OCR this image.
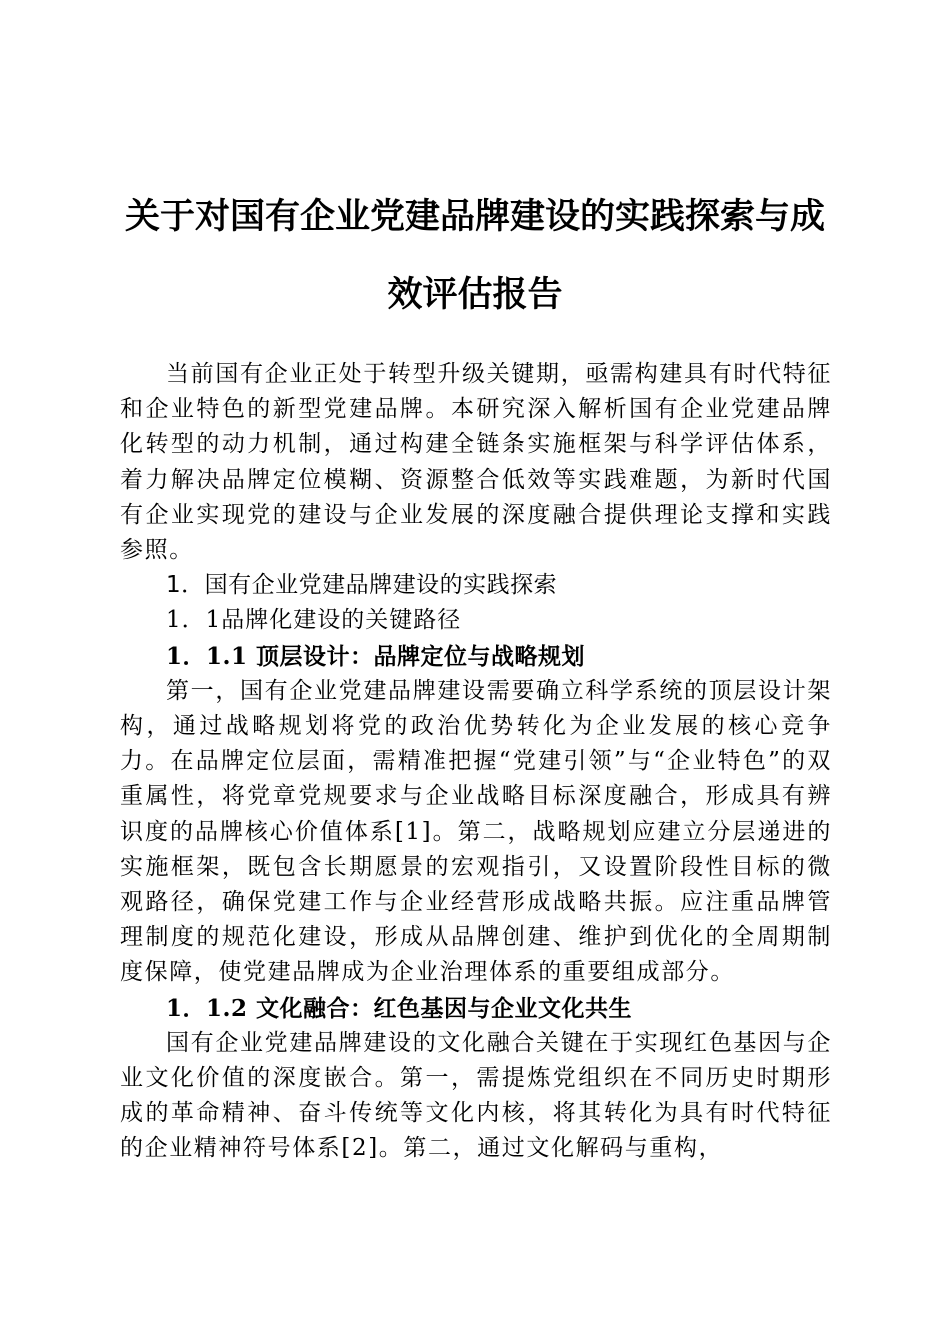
关于对国有企业党建品牌建设的实践探索与成效评估报告

当前国有企业正处于转型升级关键期，亟需构建具有时代特征和企业特色的新型党建品牌。本研究深入解析国有企业党建品牌化转型的动力机制，通过构建全链条实施框架与科学评估体系，着力解决品牌定位模糊、资源整合低效等实践难题，为新时代国有企业实现党的建设与企业发展的深度融合提供理论支撑和实践参照。

1．国有企业党建品牌建设的实践探索

1．1品牌化建设的关键路径

1．1.1 顶层设计：品牌定位与战略规划

第一，国有企业党建品牌建设需要确立科学系统的顶层设计架构，通过战略规划将党的政治优势转化为企业发展的核心竞争力。在品牌定位层面，需精准把握“党建引领”与“企业特色”的双重属性，将党章党规要求与企业战略目标深度融合，形成具有辨识度的品牌核心价值体系[1]。第二，战略规划应建立分层递进的实施框架，既包含长期愿景的宏观指引，又设置阶段性目标的微观路径，确保党建工作与企业经营形成战略共振。应注重品牌管理制度的规范化建设，形成从品牌创建、维护到优化的全周期制度保障，使党建品牌成为企业治理体系的重要组成部分。

1．1.2 文化融合：红色基因与企业文化共生

国有企业党建品牌建设的文化融合关键在于实现红色基因与企业文化价值的深度嵌合。第一，需提炼党组织在不同历史时期形成的革命精神、奋斗传统等文化内核，将其转化为具有时代特征的企业精神符号体系[2]。第二，通过文化解码与重构，
